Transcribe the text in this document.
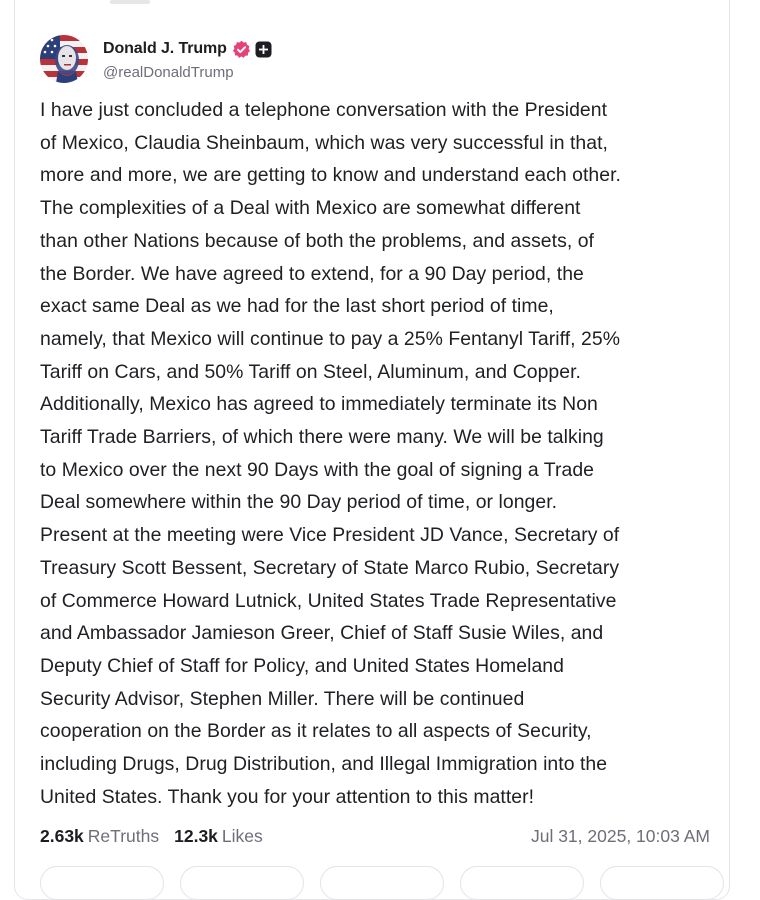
Donald J. Trump
@realDonaldTrump
I have just concluded a telephone conversation with the President
of Mexico, Claudia Sheinbaum, which was very successful in that,
more and more, we are getting to know and understand each other.
The complexities of a Deal with Mexico are somewhat different
than other Nations because of both the problems, and assets, of
the Border. We have agreed to extend, for a 90 Day period, the
exact same Deal as we had for the last short period of time,
namely, that Mexico will continue to pay a 25% Fentanyl Tariff, 25%
Tariff on Cars, and 50% Tariff on Steel, Aluminum, and Copper.
Additionally, Mexico has agreed to immediately terminate its Non
Tariff Trade Barriers, of which there were many. We will be talking
to Mexico over the next 90 Days with the goal of signing a Trade
Deal somewhere within the 90 Day period of time, or longer.
Present at the meeting were Vice President JD Vance, Secretary of
Treasury Scott Bessent, Secretary of State Marco Rubio, Secretary
of Commerce Howard Lutnick, United States Trade Representative
and Ambassador Jamieson Greer, Chief of Staff Susie Wiles, and
Deputy Chief of Staff for Policy, and United States Homeland
Security Advisor, Stephen Miller. There will be continued
cooperation on the Border as it relates to all aspects of Security,
including Drugs, Drug Distribution, and Illegal Immigration into the
United States. Thank you for your attention to this matter!
2.63k ReTruths 12.3k Likes	Jul 31, 2025, 10:03 AM
